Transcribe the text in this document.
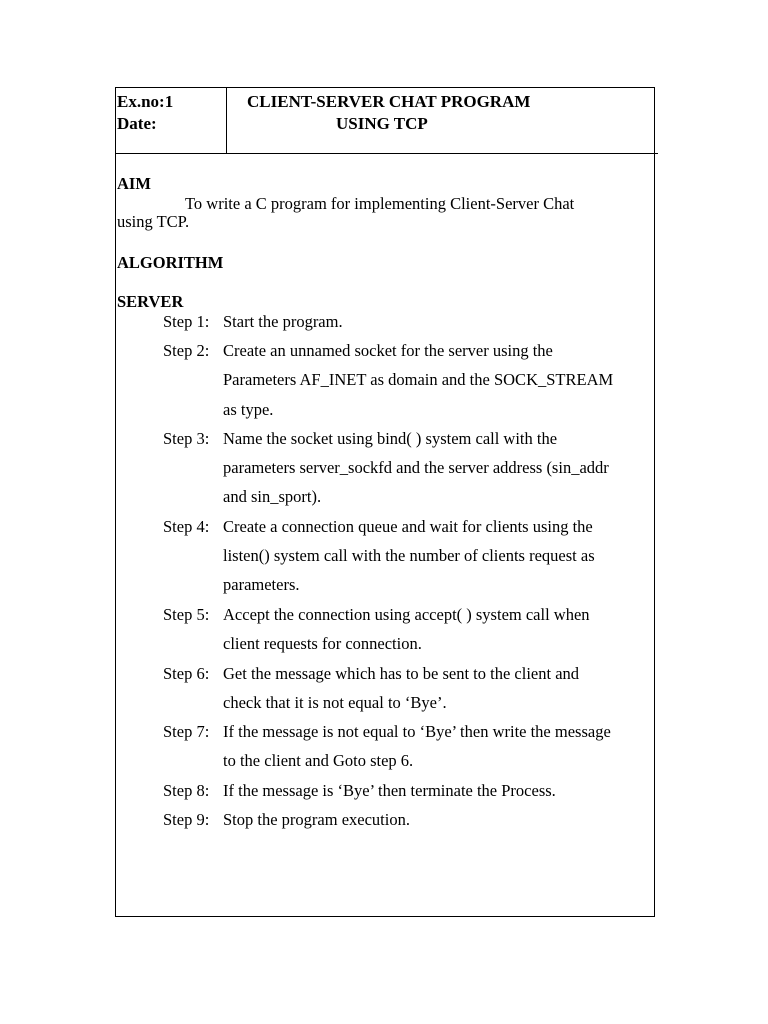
Ex.no:1
Date:
CLIENT-SERVER CHAT PROGRAM
USING TCP
AIM
To write a C program for implementing Client-Server Chat
using TCP.
ALGORITHM
SERVER
Step 1: Start the program.
Step 2: Create an unnamed socket for the server using the
Parameters AF_INET as domain and the SOCK_STREAM
as type.
Step 3: Name the socket using bind( ) system call with the
parameters server_sockfd and the server address (sin_addr
and sin_sport).
Step 4: Create a connection queue and wait for clients using the
listen() system call with the number of clients request as
parameters.
Step 5: Accept the connection using accept( ) system call when
client requests for connection.
Step 6: Get the message which has to be sent to the client and
check that it is not equal to ‘Bye’.
Step 7: If the message is not equal to ‘Bye’ then write the message
to the client and Goto step 6.
Step 8: If the message is ‘Bye’ then terminate the Process.
Step 9: Stop the program execution.
